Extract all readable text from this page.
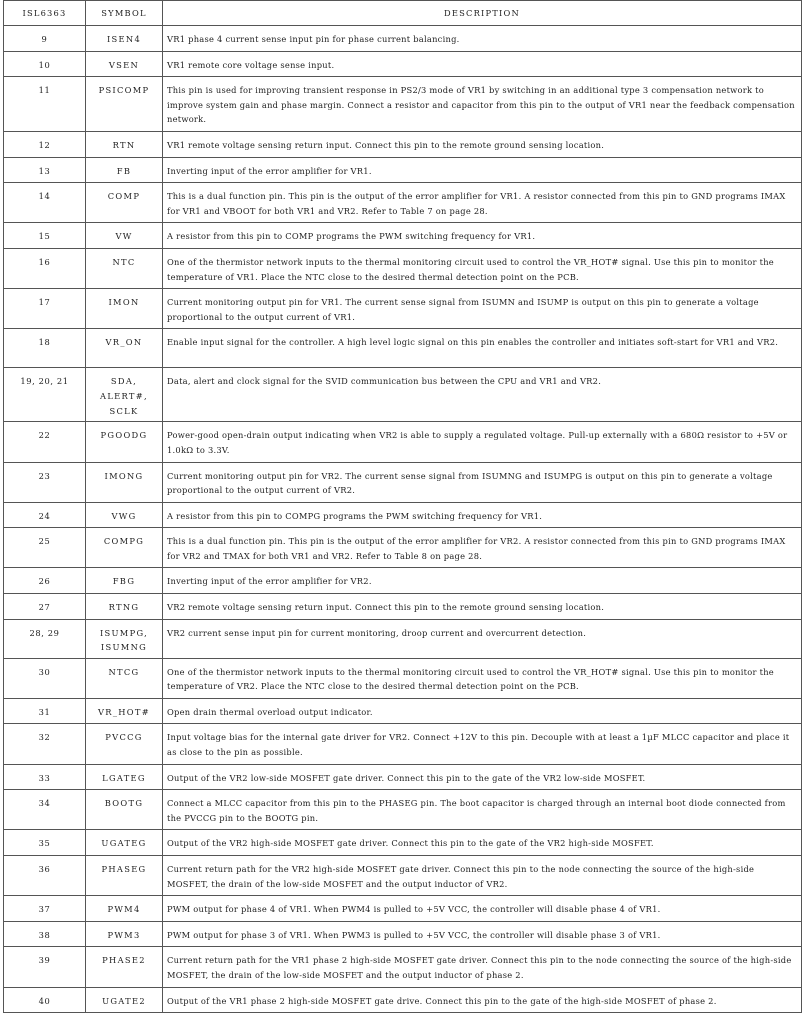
ISL6363	SYMBOL	DESCRIPTION
9	ISEN4	VR1 phase 4 current sense input pin for phase current balancing.
10	VSEN	VR1 remote core voltage sense input.
11	PSICOMP	This pin is used for improving transient response in PS2/3 mode of VR1 by switching in an additional type 3 compensation network to improve system gain and phase margin. Connect a resistor and capacitor from this pin to the output of VR1 near the feedback compensation network.
12	RTN	VR1 remote voltage sensing return input. Connect this pin to the remote ground sensing location.
13	FB	Inverting input of the error amplifier for VR1.
14	COMP	This is a dual function pin. This pin is the output of the error amplifier for VR1. A resistor connected from this pin to GND programs IMAX for VR1 and VBOOT for both VR1 and VR2. Refer to Table 7 on page 28.
15	VW	A resistor from this pin to COMP programs the PWM switching frequency for VR1.
16	NTC	One of the thermistor network inputs to the thermal monitoring circuit used to control the VR_HOT# signal. Use this pin to monitor the temperature of VR1. Place the NTC close to the desired thermal detection point on the PCB.
17	IMON	Current monitoring output pin for VR1. The current sense signal from ISUMN and ISUMP is output on this pin to generate a voltage proportional to the output current of VR1.
18	VR_ON	Enable input signal for the controller. A high level logic signal on this pin enables the controller and initiates soft-start for VR1 and VR2.
19, 20, 21	SDA, ALERT#, SCLK	Data, alert and clock signal for the SVID communication bus between the CPU and VR1 and VR2.
22	PGOODG	Power-good open-drain output indicating when VR2 is able to supply a regulated voltage. Pull-up externally with a 680Ω resistor to +5V or 1.0kΩ to 3.3V.
23	IMONG	Current monitoring output pin for VR2. The current sense signal from ISUMNG and ISUMPG is output on this pin to generate a voltage proportional to the output current of VR2.
24	VWG	A resistor from this pin to COMPG programs the PWM switching frequency for VR1.
25	COMPG	This is a dual function pin. This pin is the output of the error amplifier for VR2. A resistor connected from this pin to GND programs IMAX for VR2 and TMAX for both VR1 and VR2. Refer to Table 8 on page 28.
26	FBG	Inverting input of the error amplifier for VR2.
27	RTNG	VR2 remote voltage sensing return input. Connect this pin to the remote ground sensing location.
28, 29	ISUMPG, ISUMNG	VR2 current sense input pin for current monitoring, droop current and overcurrent detection.
30	NTCG	One of the thermistor network inputs to the thermal monitoring circuit used to control the VR_HOT# signal. Use this pin to monitor the temperature of VR2. Place the NTC close to the desired thermal detection point on the PCB.
31	VR_HOT#	Open drain thermal overload output indicator.
32	PVCCG	Input voltage bias for the internal gate driver for VR2. Connect +12V to this pin. Decouple with at least a 1µF MLCC capacitor and place it as close to the pin as possible.
33	LGATEG	Output of the VR2 low-side MOSFET gate driver. Connect this pin to the gate of the VR2 low-side MOSFET.
34	BOOTG	Connect a MLCC capacitor from this pin to the PHASEG pin. The boot capacitor is charged through an internal boot diode connected from the PVCCG pin to the BOOTG pin.
35	UGATEG	Output of the VR2 high-side MOSFET gate driver. Connect this pin to the gate of the VR2 high-side MOSFET.
36	PHASEG	Current return path for the VR2 high-side MOSFET gate driver. Connect this pin to the node connecting the source of the high-side MOSFET, the drain of the low-side MOSFET and the output inductor of VR2.
37	PWM4	PWM output for phase 4 of VR1. When PWM4 is pulled to +5V VCC, the controller will disable phase 4 of VR1.
38	PWM3	PWM output for phase 3 of VR1. When PWM3 is pulled to +5V VCC, the controller will disable phase 3 of VR1.
39	PHASE2	Current return path for the VR1 phase 2 high-side MOSFET gate driver. Connect this pin to the node connecting the source of the high-side MOSFET, the drain of the low-side MOSFET and the output inductor of phase 2.
40	UGATE2	Output of the VR1 phase 2 high-side MOSFET gate drive. Connect this pin to the gate of the high-side MOSFET of phase 2.
